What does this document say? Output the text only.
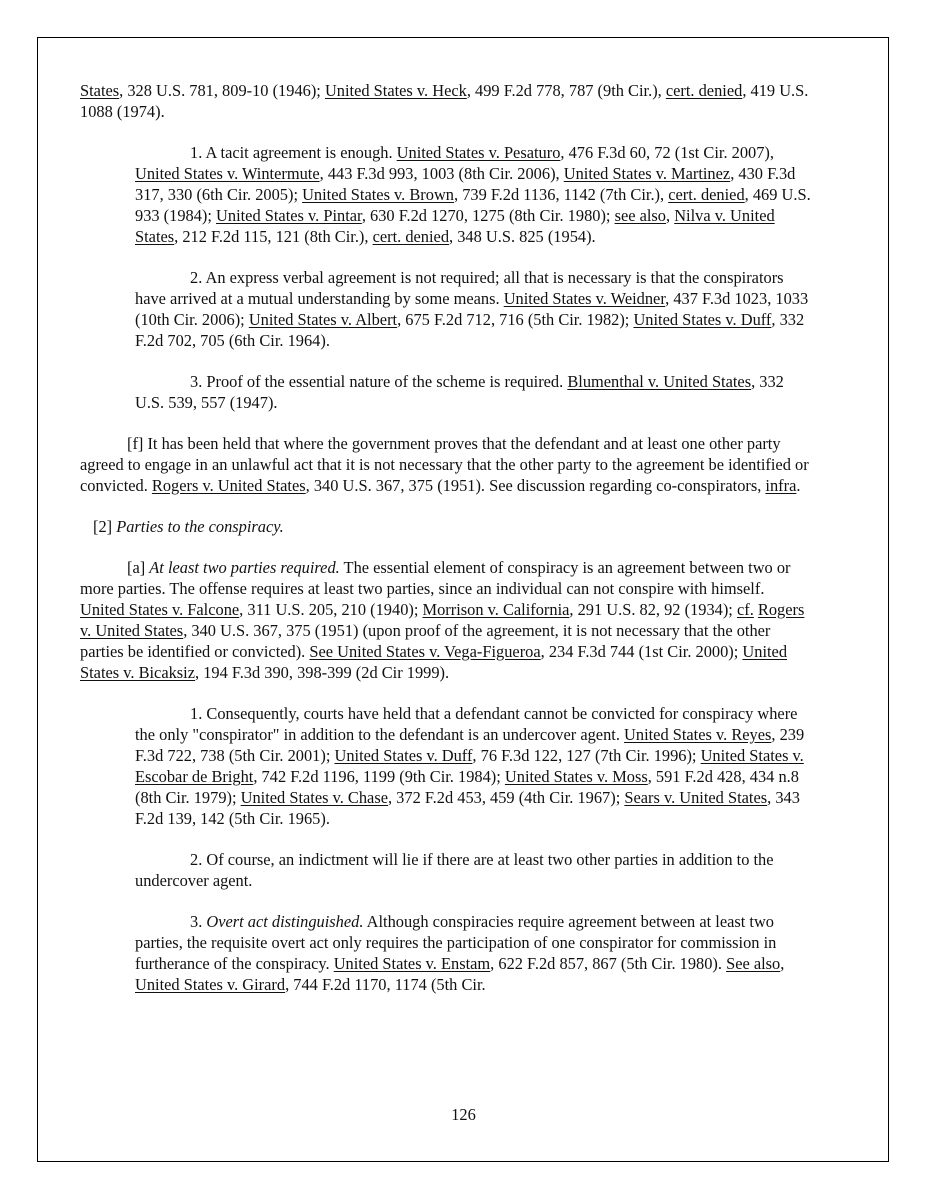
States, 328 U.S. 781, 809-10 (1946); United States v. Heck, 499 F.2d 778, 787 (9th Cir.), cert. denied, 419 U.S. 1088 (1974).

1. A tacit agreement is enough. United States v. Pesaturo, 476 F.3d 60, 72 (1st Cir. 2007), United States v. Wintermute, 443 F.3d 993, 1003 (8th Cir. 2006), United States v. Martinez, 430 F.3d 317, 330 (6th Cir. 2005); United States v. Brown, 739 F.2d 1136, 1142 (7th Cir.), cert. denied, 469 U.S. 933 (1984); United States v. Pintar, 630 F.2d 1270, 1275 (8th Cir. 1980); see also, Nilva v. United States, 212 F.2d 115, 121 (8th Cir.), cert. denied, 348 U.S. 825 (1954).

2. An express verbal agreement is not required; all that is necessary is that the conspirators have arrived at a mutual understanding by some means. United States v. Weidner, 437 F.3d 1023, 1033 (10th Cir. 2006); United States v. Albert, 675 F.2d 712, 716 (5th Cir. 1982); United States v. Duff, 332 F.2d 702, 705 (6th Cir. 1964).

3. Proof of the essential nature of the scheme is required. Blumenthal v. United States, 332 U.S. 539, 557 (1947).

[f] It has been held that where the government proves that the defendant and at least one other party agreed to engage in an unlawful act that it is not necessary that the other party to the agreement be identified or convicted. Rogers v. United States, 340 U.S. 367, 375 (1951). See discussion regarding co-conspirators, infra.

[2] Parties to the conspiracy.

[a] At least two parties required. The essential element of conspiracy is an agreement between two or more parties. The offense requires at least two parties, since an individual can not conspire with himself. United States v. Falcone, 311 U.S. 205, 210 (1940); Morrison v. California, 291 U.S. 82, 92 (1934); cf. Rogers v. United States, 340 U.S. 367, 375 (1951) (upon proof of the agreement, it is not necessary that the other parties be identified or convicted). See United States v. Vega-Figueroa, 234 F.3d 744 (1st Cir. 2000); United States v. Bicaksiz, 194 F.3d 390, 398-399 (2d Cir 1999).

1. Consequently, courts have held that a defendant cannot be convicted for conspiracy where the only "conspirator" in addition to the defendant is an undercover agent. United States v. Reyes, 239 F.3d 722, 738 (5th Cir. 2001); United States v. Duff, 76 F.3d 122, 127 (7th Cir. 1996); United States v. Escobar de Bright, 742 F.2d 1196, 1199 (9th Cir. 1984); United States v. Moss, 591 F.2d 428, 434 n.8 (8th Cir. 1979); United States v. Chase, 372 F.2d 453, 459 (4th Cir. 1967); Sears v. United States, 343 F.2d 139, 142 (5th Cir. 1965).

2. Of course, an indictment will lie if there are at least two other parties in addition to the undercover agent.

3. Overt act distinguished. Although conspiracies require agreement between at least two parties, the requisite overt act only requires the participation of one conspirator for commission in furtherance of the conspiracy. United States v. Enstam, 622 F.2d 857, 867 (5th Cir. 1980). See also, United States v. Girard, 744 F.2d 1170, 1174 (5th Cir.

126
